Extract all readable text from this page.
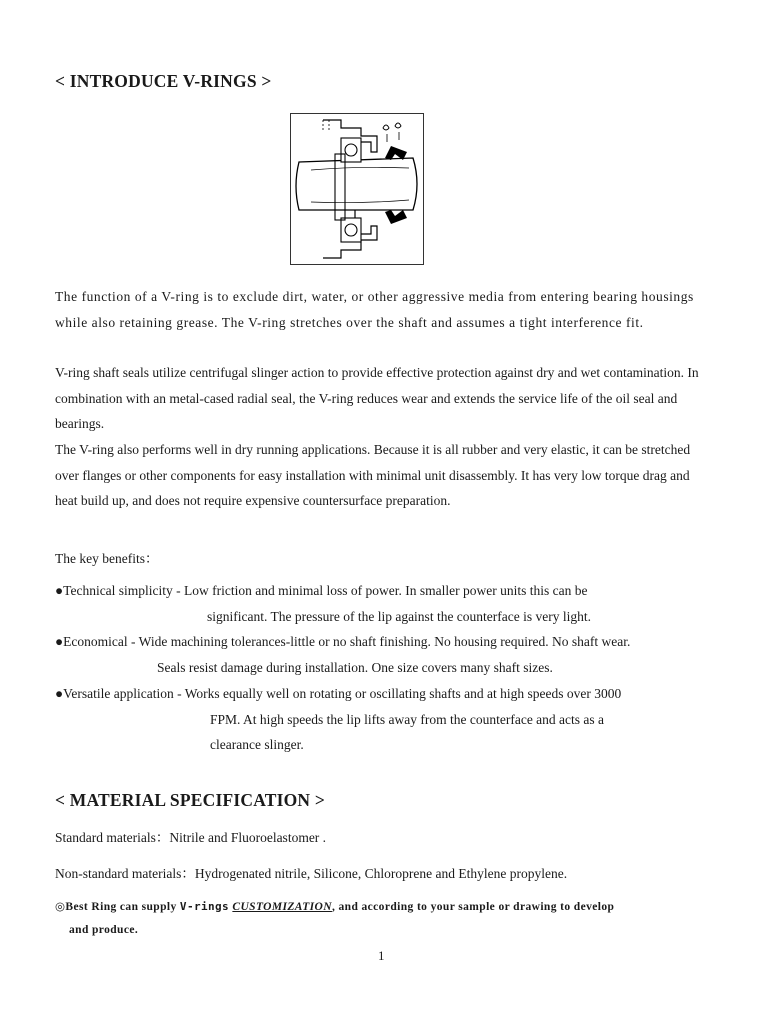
< INTRODUCE V-RINGS >

The function of a V-ring is to exclude dirt, water, or other aggressive media from entering bearing housings while also retaining grease. The V-ring stretches over the shaft and assumes a tight interference fit.

V-ring shaft seals utilize centrifugal slinger action to provide effective protection against dry and wet contamination. In combination with an metal-cased radial seal, the V-ring reduces wear and extends the service life of the oil seal and bearings.

The V-ring also performs well in dry running applications. Because it is all rubber and very elastic, it can be stretched over flanges or other components for easy installation with minimal unit disassembly. It has very low torque drag and heat build up, and does not require expensive countersurface preparation.

The key benefits：
●Technical simplicity - Low friction and minimal loss of power. In smaller power units this can be
significant. The pressure of the lip against the counterface is very light.
●Economical - Wide machining tolerances-little or no shaft finishing. No housing required. No shaft wear.
Seals resist damage during installation. One size covers many shaft sizes.
●Versatile application - Works equally well on rotating or oscillating shafts and at high speeds over 3000
FPM. At high speeds the lip lifts away from the counterface and acts as a
clearance slinger.
< MATERIAL SPECIFICATION >
Standard materials：Nitrile and Fluoroelastomer .
Non-standard materials：Hydrogenated nitrile, Silicone, Chloroprene and Ethylene propylene.
◎Best Ring can supply V-rings CUSTOMIZATION, and according to your sample or drawing to develop
and produce.
1
